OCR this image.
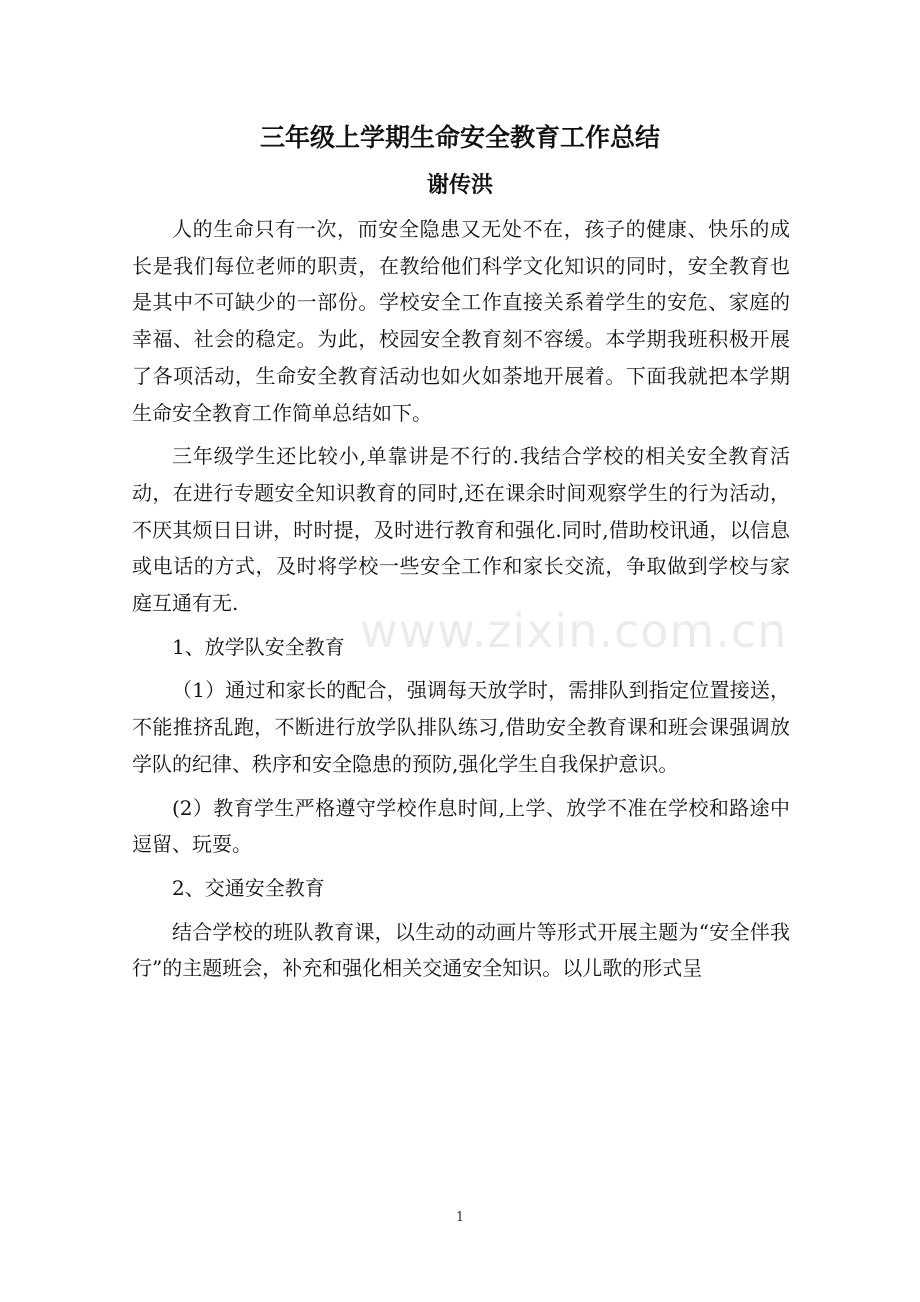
www.zixin.com.cn
三年级上学期生命安全教育工作总结
谢传洪

人的生命只有一次，而安全隐患又无处不在，孩子的健康、快乐的成长是我们每位老师的职责，在教给他们科学文化知识的同时，安全教育也是其中不可缺少的一部份。学校安全工作直接关系着学生的安危、家庭的幸福、社会的稳定。为此，校园安全教育刻不容缓。本学期我班积极开展了各项活动，生命安全教育活动也如火如荼地开展着。下面我就把本学期生命安全教育工作简单总结如下。

三年级学生还比较小,单靠讲是不行的.我结合学校的相关安全教育活动，在进行专题安全知识教育的同时,还在课余时间观察学生的行为活动，不厌其烦日日讲，时时提，及时进行教育和强化.同时,借助校讯通，以信息或电话的方式，及时将学校一些安全工作和家长交流，争取做到学校与家庭互通有无.

1、放学队安全教育

（1）通过和家长的配合，强调每天放学时，需排队到指定位置接送，不能推挤乱跑，不断进行放学队排队练习,借助安全教育课和班会课强调放学队的纪律、秩序和安全隐患的预防,强化学生自我保护意识。

(2）教育学生严格遵守学校作息时间,上学、放学不准在学校和路途中逗留、玩耍。

2、交通安全教育

结合学校的班队教育课，以生动的动画片等形式开展主题为“安全伴我行”的主题班会，补充和强化相关交通安全知识。以儿歌的形式呈

1
